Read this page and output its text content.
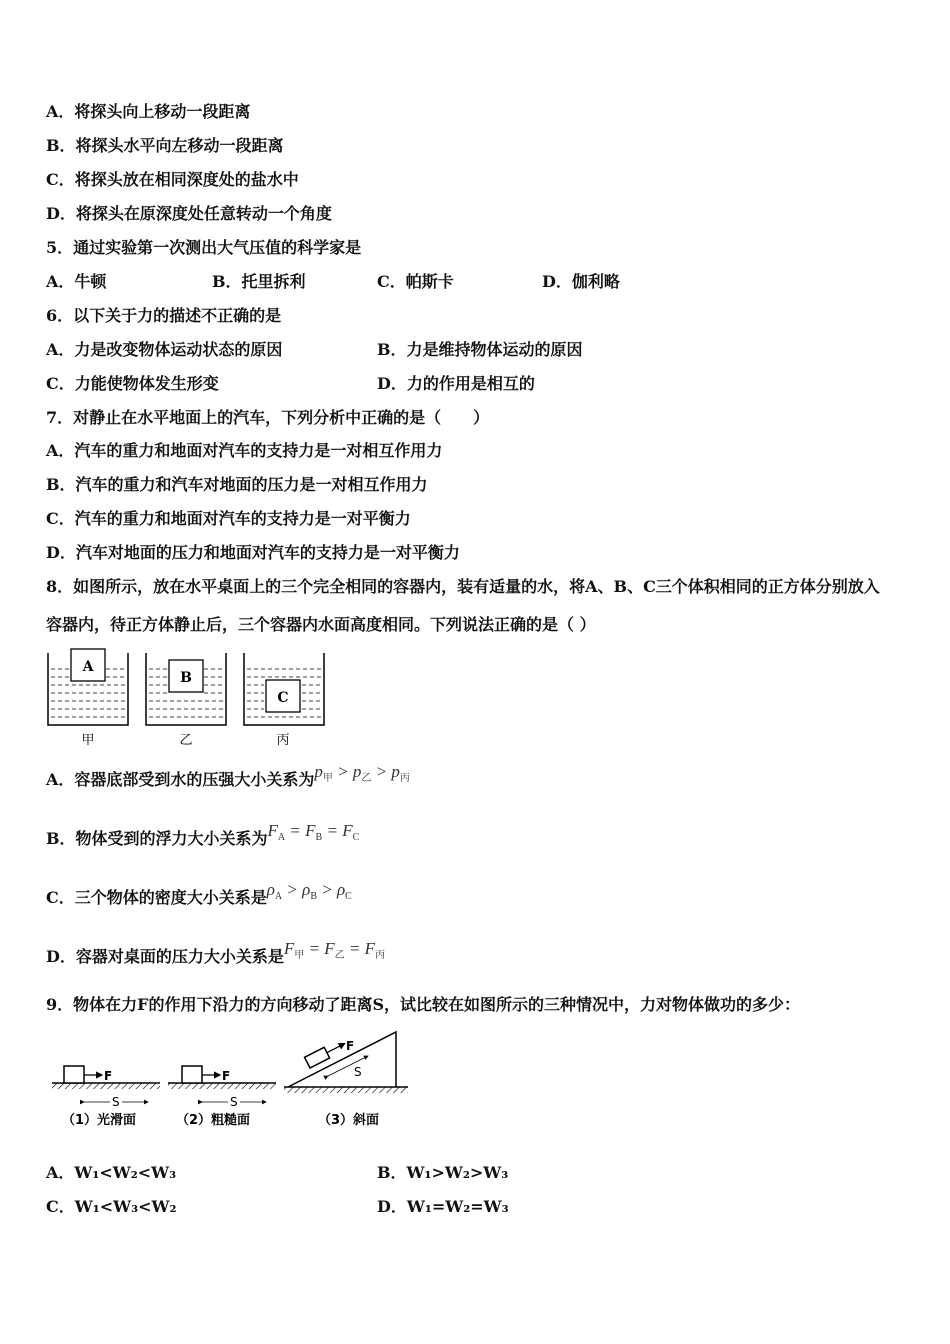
A．将探头向上移动一段距离
B．将探头水平向左移动一段距离
C．将探头放在相同深度处的盐水中
D．将探头在原深度处任意转动一个角度
5．通过实验第一次测出大气压值的科学家是
A．牛顿	B．托里拆利	C．帕斯卡	D．伽利略
6．以下关于力的描述不正确的是
A．力是改变物体运动状态的原因	B．力是维持物体运动的原因
C．力能使物体发生形变	D．力的作用是相互的
7．对静止在水平地面上的汽车，下列分析中正确的是（　　）
A．汽车的重力和地面对汽车的支持力是一对相互作用力
B．汽车的重力和汽车对地面的压力是一对相互作用力
C．汽车的重力和地面对汽车的支持力是一对平衡力
D．汽车对地面的压力和地面对汽车的支持力是一对平衡力
8．如图所示，放在水平桌面上的三个完全相同的容器内，装有适量的水，将A、B、C三个体积相同的正方体分别放入
容器内，待正方体静止后，三个容器内水面高度相同。下列说法正确的是（ ）
A
甲
B
乙
C
丙
A．容器底部受到水的压强大小关系为$p_甲 > p_乙 > p_丙$
B．物体受到的浮力大小关系为$F_A = F_B = F_C$
C．三个物体的密度大小关系是$\rho_A > \rho_B > \rho_C$
D．容器对桌面的压力大小关系是$F_甲 = F_乙 = F_丙$
9．物体在力F的作用下沿力的方向移动了距离S，试比较在如图所示的三种情况中，力对物体做功的多少：
F
S
（1）光滑面
F
S
（2）粗糙面
F
S
（3）斜面
A．W₁<W₂<W₃	B．W₁>W₂>W₃
C．W₁<W₃<W₂	D．W₁=W₂=W₃
